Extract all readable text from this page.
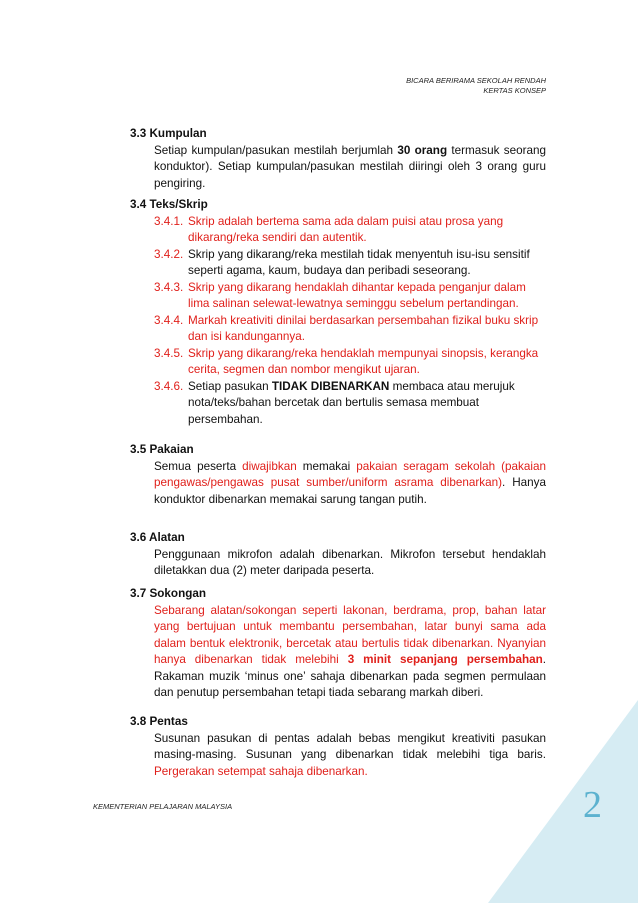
BICARA BERIRAMA SEKOLAH RENDAH
KERTAS KONSEP
3.3 Kumpulan
Setiap kumpulan/pasukan mestilah berjumlah 30 orang termasuk seorang konduktor). Setiap kumpulan/pasukan mestilah diiringi oleh 3 orang guru pengiring.
3.4 Teks/Skrip
3.4.1. Skrip adalah bertema sama ada dalam puisi atau prosa yang dikarang/reka sendiri dan autentik.
3.4.2. Skrip yang dikarang/reka mestilah tidak menyentuh isu-isu sensitif seperti agama, kaum, budaya dan peribadi seseorang.
3.4.3. Skrip yang dikarang hendaklah dihantar kepada penganjur dalam lima salinan selewat-lewatnya seminggu sebelum pertandingan.
3.4.4. Markah kreativiti dinilai berdasarkan persembahan fizikal buku skrip dan isi kandungannya.
3.4.5. Skrip yang dikarang/reka hendaklah mempunyai sinopsis, kerangka cerita, segmen dan nombor mengikut ujaran.
3.4.6. Setiap pasukan TIDAK DIBENARKAN membaca atau merujuk nota/teks/bahan bercetak dan bertulis semasa membuat persembahan.
3.5 Pakaian
Semua peserta diwajibkan memakai pakaian seragam sekolah (pakaian pengawas/pengawas pusat sumber/uniform asrama dibenarkan). Hanya konduktor dibenarkan memakai sarung tangan putih.
3.6 Alatan
Penggunaan mikrofon adalah dibenarkan. Mikrofon tersebut hendaklah diletakkan dua (2) meter daripada peserta.
3.7 Sokongan
Sebarang alatan/sokongan seperti lakonan, berdrama, prop, bahan latar yang bertujuan untuk membantu persembahan, latar bunyi sama ada dalam bentuk elektronik, bercetak atau bertulis tidak dibenarkan. Nyanyian hanya dibenarkan tidak melebihi 3 minit sepanjang persembahan. Rakaman muzik ‘minus one’ sahaja dibenarkan pada segmen permulaan dan penutup persembahan tetapi tiada sebarang markah diberi.
3.8 Pentas
Susunan pasukan di pentas adalah bebas mengikut kreativiti pasukan masing-masing. Susunan yang dibenarkan tidak melebihi tiga baris. Pergerakan setempat sahaja dibenarkan.
KEMENTERIAN PELAJARAN MALAYSIA	2
